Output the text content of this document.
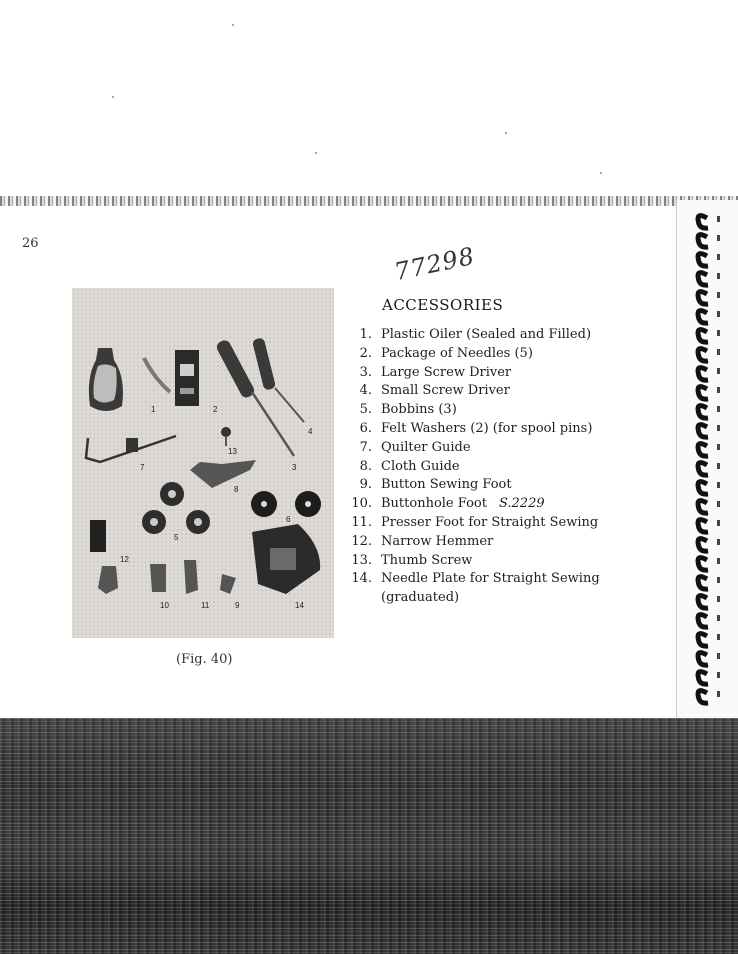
26	77298
1	2
3
4
5
6
7
8
9
10	11
12
13
14
(Fig. 40)
ACCESSORIES
1. Plastic Oiler (Sealed and Filled)
2. Package of Needles (5)
3. Large Screw Driver
4. Small Screw Driver
5. Bobbins (3)
6. Felt Washers (2) (for spool pins)
7. Quilter Guide
8. Cloth Guide
9. Button Sewing Foot
10. Buttonhole Foot S.2229
11. Presser Foot for Straight Sewing
12. Narrow Hemmer
13. Thumb Screw
14. Needle Plate for Straight Sewing
(graduated)
